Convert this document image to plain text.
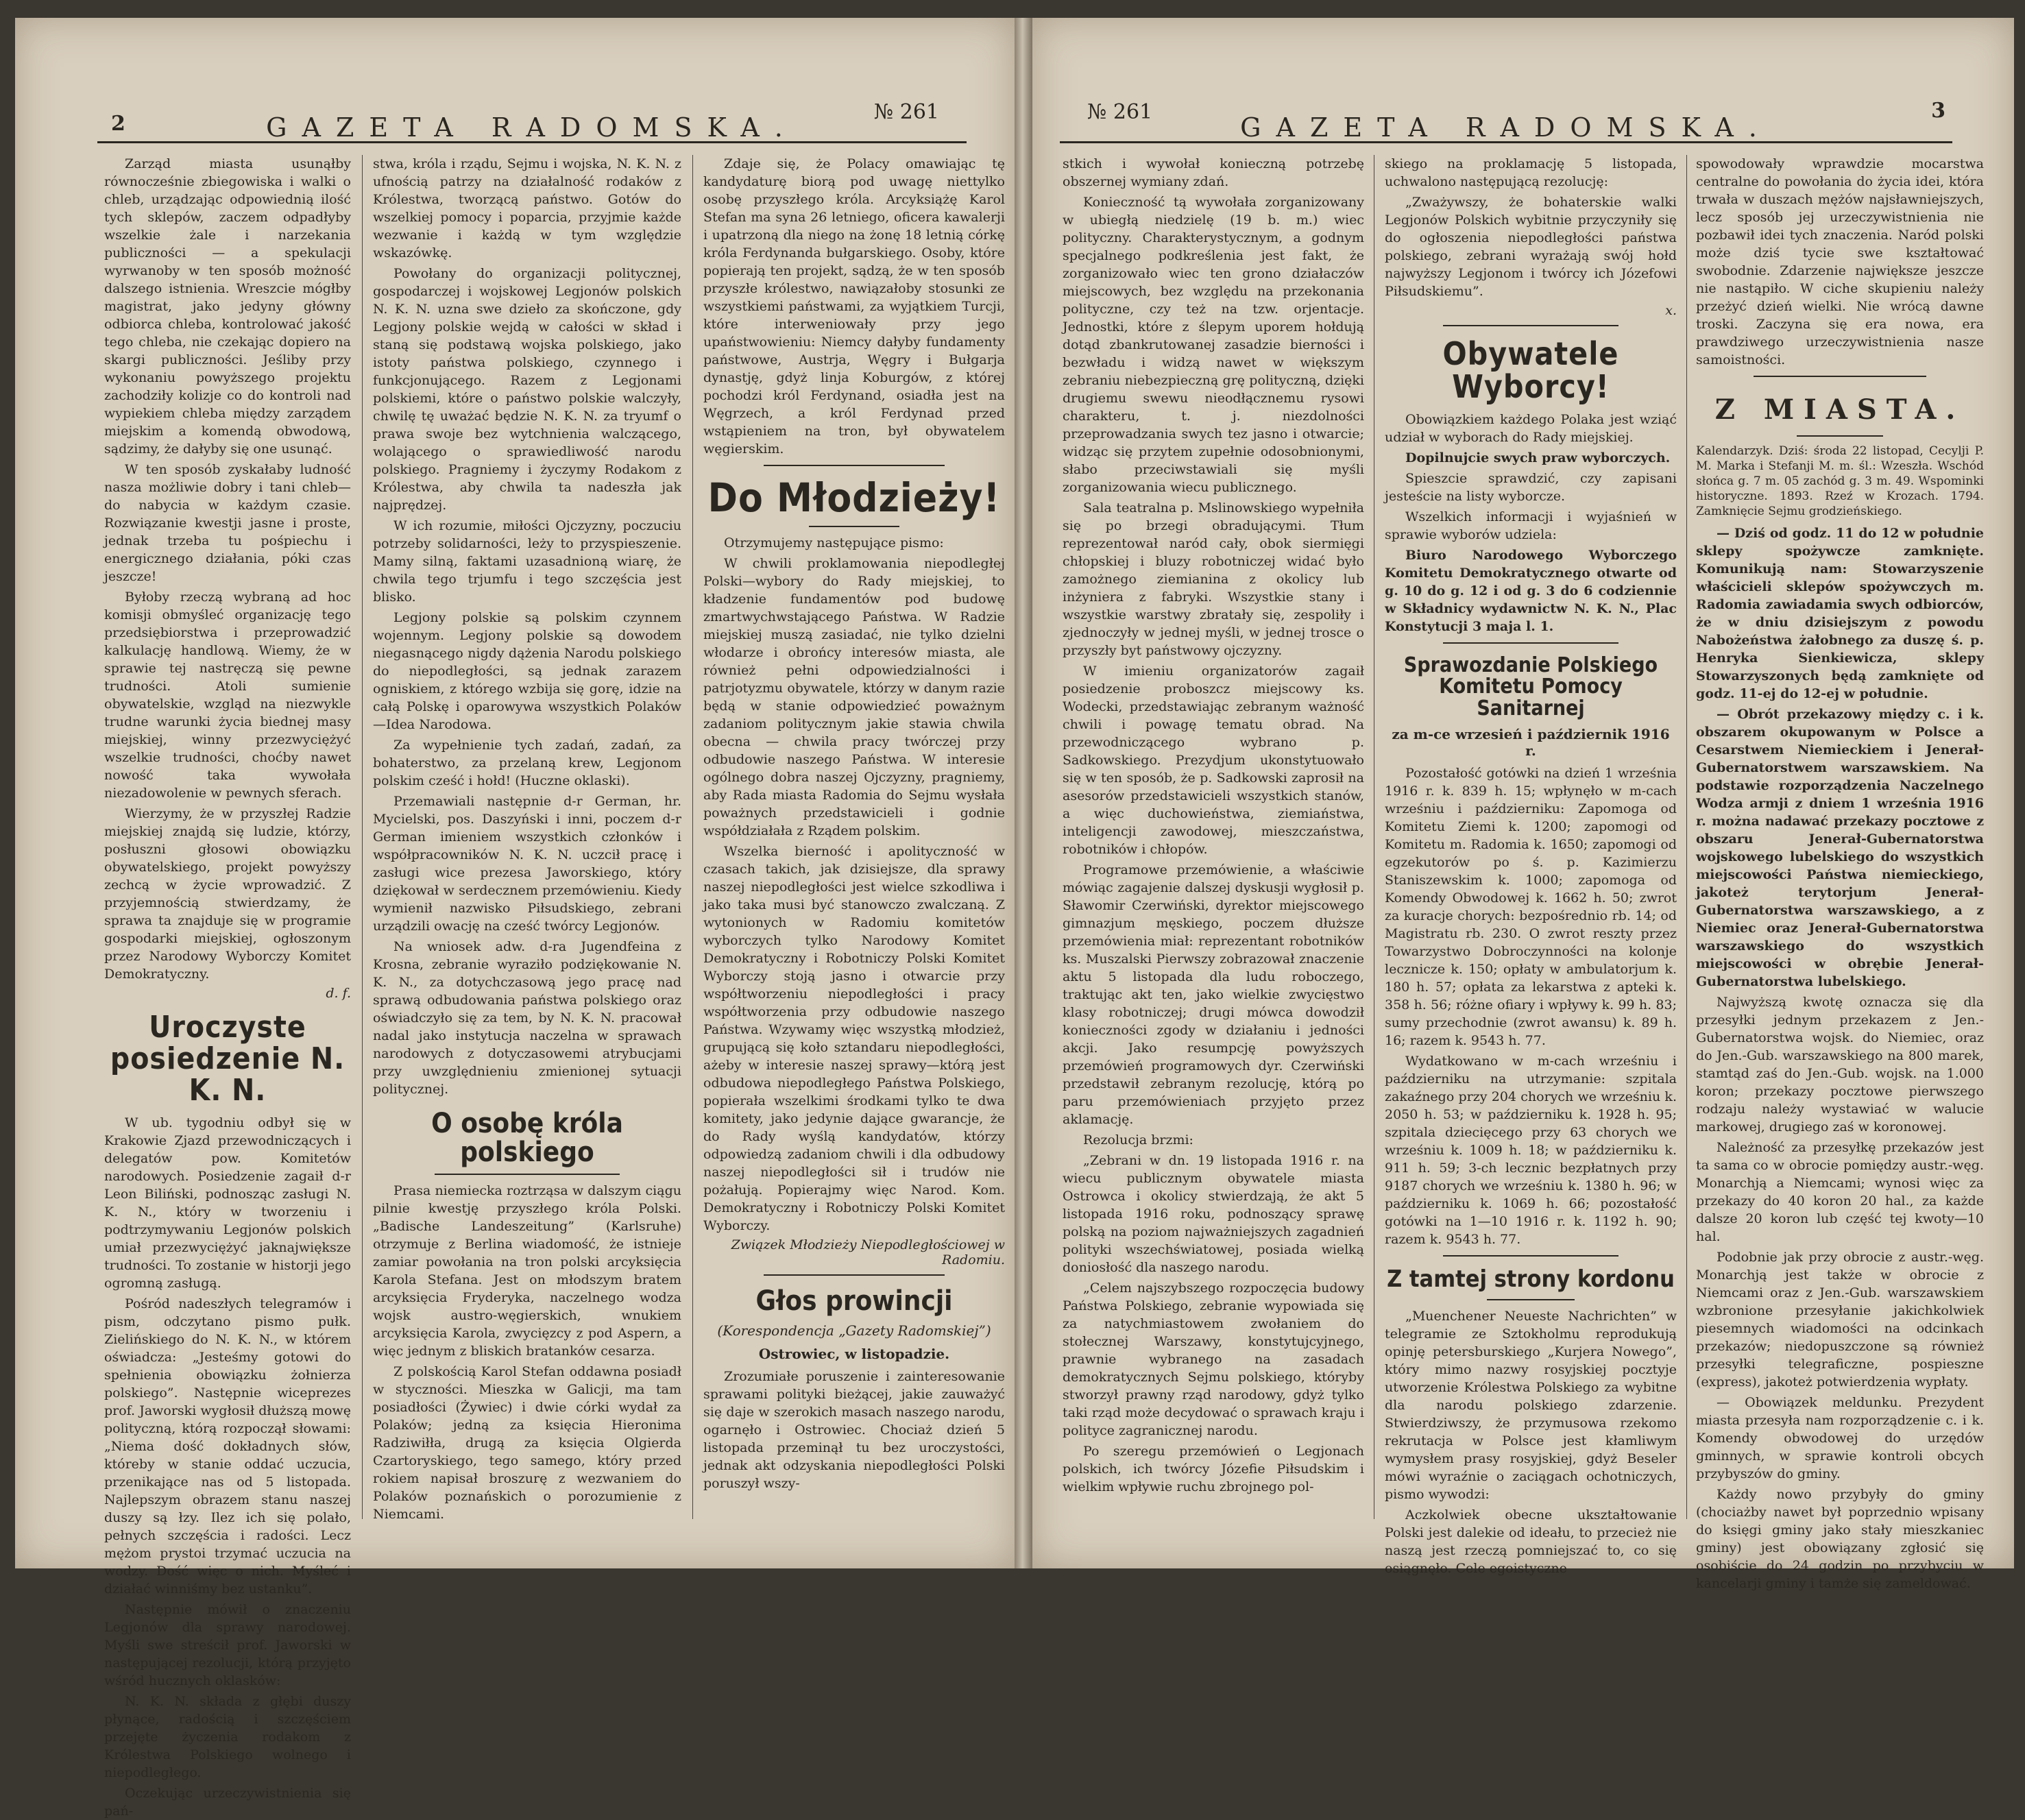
2	GAZETA RADOMSKA.
№ 261

Zarząd miasta usunąłby równocześnie zbiegowiska i walki o chleb, urządzając odpowiednią ilość tych sklepów, zaczem odpadłyby wszelkie żale i narzekania publiczności — a spekulacji wyrwanoby w ten sposób możność dalszego istnienia. Wreszcie mógłby magistrat, jako jedyny główny odbiorca chleba, kontrolować jakość tego chleba, nie czekając dopiero na skargi publiczności. Jeśliby przy wykonaniu powyższego projektu zachodziły kolizje co do kontroli nad wypiekiem chleba między zarządem miejskim a komendą obwodową, sądzimy, że dałyby się one usunąć.

W ten sposób zyskałaby ludność nasza możliwie dobry i tani chleb—do nabycia w każdym czasie. Rozwiązanie kwestji jasne i proste, jednak trzeba tu pośpiechu i energicznego działania, póki czas jeszcze!

Byłoby rzeczą wybraną ad hoc komisji obmyśleć organizację tego przedsiębiorstwa i przeprowadzić kalkulację handlową. Wiemy, że w sprawie tej nastręczą się pewne trudności. Atoli sumienie obywatelskie, wzgląd na niezwykle trudne warunki życia biednej masy miejskiej, winny przezwyciężyć wszelkie trudności, choćby nawet nowość taka wywołała niezadowolenie w pewnych sferach.

Wierzymy, że w przyszłej Radzie miejskiej znajdą się ludzie, którzy, posłuszni głosowi obowiązku obywatelskiego, projekt powyższy zechcą w życie wprowadzić. Z przyjemnością stwierdzamy, że sprawa ta znajduje się w programie gospodarki miejskiej, ogłoszonym przez Narodowy Wyborczy Komitet Demokratyczny.

d. f.
Uroczyste posiedzenie N. K. N.

W ub. tygodniu odbył się w Krakowie Zjazd przewodniczących i delegatów pow. Komitetów narodowych. Posiedzenie zagaił d-r Leon Biliński, podnosząc zasługi N. K. N., który w tworzeniu i podtrzymywaniu Legjonów polskich umiał przezwyciężyć jaknajwiększe trudności. To zostanie w historji jego ogromną zasługą.

Pośród nadeszłych telegramów i pism, odczytano pismo pułk. Zielińskiego do N. K. N., w którem oświadcza: „Jesteśmy gotowi do spełnienia obowiązku żołnierza polskiego”. Następnie wiceprezes prof. Jaworski wygłosił dłuższą mowę polityczną, którą rozpoczął słowami: „Niema dość dokładnych słów, któreby w stanie oddać uczucia, przenikające nas od 5 listopada. Najlepszym obrazem stanu naszej duszy są łzy. Ilez ich się polało, pełnych szczęścia i radości. Lecz mężom prystoi trzymać uczucia na wodzy. Dość więc o nich. Myśleć i działać winniśmy bez ustanku”.

Następnie mówił o znaczeniu Legjonów dla sprawy narodowej. Myśli swe streścił prof. Jaworski w następującej rezolucji, którą przyjęto wśród hucznych oklasków:

N. K. N. składa z głębi duszy płynące, radością i szczęściem przejęte życzenia rodakom z Królestwa Polskiego wolnego i niepodległego.

Oczekując urzeczywistnienia się pań-

stwa, króla i rządu, Sejmu i wojska, N. K. N. z ufnością patrzy na działalność rodaków z Królestwa, tworzącą państwo. Gotów do wszelkiej pomocy i poparcia, przyjmie każde wezwanie i każdą w tym względzie wskazówkę.

Powołany do organizacji politycznej, gospodarczej i wojskowej Legjonów polskich N. K. N. uzna swe dzieło za skończone, gdy Legjony polskie wejdą w całości w skład i staną się podstawą wojska polskiego, jako istoty państwa polskiego, czynnego i funkcjonującego. Razem z Legjonami polskiemi, które o państwo polskie walczyły, chwilę tę uważać będzie N. K. N. za tryumf o prawa swoje bez wytchnienia walczącego, wolającego o sprawiedliwość narodu polskiego. Pragniemy i życzymy Rodakom z Królestwa, aby chwila ta nadeszła jak najprędzej.

W ich rozumie, miłości Ojczyzny, poczuciu potrzeby solidarności, leży to przyspieszenie. Mamy silną, faktami uzasadnioną wiarę, że chwila tego trjumfu i tego szczęścia jest blisko.

Legjony polskie są polskim czynnem wojennym. Legjony polskie są dowodem niegasnącego nigdy dążenia Narodu polskiego do niepodległości, są jednak zarazem ogniskiem, z którego wzbija się gorę, idzie na całą Polskę i oparowywa wszystkich Polaków—Idea Narodowa.

Za wypełnienie tych zadań, zadań, za bohaterstwo, za przelaną krew, Legjonom polskim cześć i hołd! (Huczne oklaski).

Przemawiali następnie d-r German, hr. Mycielski, pos. Daszyński i inni, poczem d-r German imieniem wszystkich członków i współpracowników N. K. N. uczcił pracę i zasługi wice prezesa Jaworskiego, który dziękował w serdecznem przemówieniu. Kiedy wymienił nazwisko Piłsudskiego, zebrani urządzili owację na cześć twórcy Legjonów.

Na wniosek adw. d-ra Jugendfeina z Krosna, zebranie wyraziło podziękowanie N. K. N., za dotychczasową jego pracę nad sprawą odbudowania państwa polskiego oraz oświadczyło się za tem, by N. K. N. pracował nadal jako instytucja naczelna w sprawach narodowych z dotyczasowemi atrybucjami przy uwzględnieniu zmienionej sytuacji politycznej.

O osobę króla polskiego

Prasa niemiecka roztrząsa w dalszym ciągu pilnie kwestję przyszłego króla Polski. „Badische Landeszeitung” (Karlsruhe) otrzymuje z Berlina wiadomość, że istnieje zamiar powołania na tron polski arcyksięcia Karola Stefana. Jest on młodszym bratem arcyksięcia Fryderyka, naczelnego wodza wojsk austro-węgierskich, wnukiem arcyksięcia Karola, zwycięzcy z pod Aspern, a więc jednym z bliskich bratanków cesarza.

Z polskością Karol Stefan oddawna posiadł w styczności. Mieszka w Galicji, ma tam posiadłości (Żywiec) i dwie córki wydał za Polaków; jedną za księcia Hieronima Radziwiłła, drugą za księcia Olgierda Czartoryskiego, tego samego, który przed rokiem napisał broszurę z wezwaniem do Polaków poznańskich o porozumienie z Niemcami.

Zdaje się, że Polacy omawiając tę kandydaturę biorą pod uwagę niettylko osobę przyszłego króla. Arcyksiążę Karol Stefan ma syna 26 letniego, oficera kawalerji i upatrzoną dla niego na żonę 18 letnią córkę króla Ferdynanda bułgarskiego. Osoby, które popierają ten projekt, sądzą, że w ten sposób przyszłe królestwo, nawiązałoby stosunki ze wszystkiemi państwami, za wyjątkiem Turcji, które interweniowały przy jego upaństwowieniu: Niemcy dałyby fundamenty państwowe, Austrja, Węgry i Bułgarja dynastję, gdyż linja Koburgów, z której pochodzi król Ferdynand, osiadła jest na Węgrzech, a król Ferdynad przed wstąpieniem na tron, był obywatelem węgierskim.

Do Młodzieży!

Otrzymujemy następujące pismo:

W chwili proklamowania niepodległej Polski—wybory do Rady miejskiej, to kładzenie fundamentów pod budowę zmartwychwstającego Państwa. W Radzie miejskiej muszą zasiadać, nie tylko dzielni włodarze i obrońcy interesów miasta, ale również pełni odpowiedzialności i patrjotyzmu obywatele, którzy w danym razie będą w stanie odpowiedzieć poważnym zadaniom politycznym jakie stawia chwila obecna — chwila pracy twórczej przy odbudowie naszego Państwa. W interesie ogólnego dobra naszej Ojczyzny, pragniemy, aby Rada miasta Radomia do Sejmu wysłała poważnych przedstawicieli i godnie współdziałała z Rządem polskim.

Wszelka bierność i apolityczność w czasach takich, jak dzisiejsze, dla sprawy naszej niepodległości jest wielce szkodliwa i jako taka musi być stanowczo zwalczaną. Z wytonionych w Radomiu komitetów wyborczych tylko Narodowy Komitet Demokratyczny i Robotniczy Polski Komitet Wyborczy stoją jasno i otwarcie przy współtworzeniu niepodległości i pracy współtworzenia przy odbudowie naszego Państwa. Wzywamy więc wszystką młodzież, grupującą się koło sztandaru niepodległości, ażeby w interesie naszej sprawy—którą jest odbudowa niepodległego Państwa Polskiego, popierała wszelkimi środkami tylko te dwa komitety, jako jedynie dające gwarancje, że do Rady wyślą kandydatów, którzy odpowiedzą zadaniom chwili i dla odbudowy naszej niepodległości sił i trudów nie pożałują. Popierajmy więc Narod. Kom. Demokratyczny i Robotniczy Polski Komitet Wyborczy.

Związek Młodzieży Niepodległościowej w Radomiu.
Głos prowincji
(Korespondencja „Gazety Radomskiej”)
Ostrowiec, w listopadzie.

Zrozumiałe poruszenie i zainteresowanie sprawami polityki bieżącej, jakie zauważyć się daje w szerokich masach naszego narodu, ogarnęło i Ostrowiec. Chociaż dzień 5 listopada przeminął tu bez uroczystości, jednak akt odzyskania niepodległości Polski poruszył wszy-

№ 261
GAZETA RADOMSKA.
3

stkich i wywołał konieczną potrzebę obszernej wymiany zdań.

Konieczność tą wywołała zorganizowany w ubiegłą niedzielę (19 b. m.) wiec polityczny. Charakterystycznym, a godnym specjalnego podkreślenia jest fakt, że zorganizowało wiec ten grono działaczów miejscowych, bez względu na przekonania polityczne, czy też na tzw. orjentacje. Jednostki, które z ślepym uporem hołdują dotąd zbankrutowanej zasadzie bierności i bezwładu i widzą nawet w większym zebraniu niebezpieczną grę polityczną, dzięki drugiemu swewu nieodłącznemu rysowi charakteru, t. j. niezdolności przeprowadzania swych tez jasno i otwarcie; widząc się przytem zupełnie odosobnionymi, słabo przeciwstawiali się myśli zorganizowania wiecu publicznego.

Sala teatralna p. Mslinowskiego wypełniła się po brzegi obradującymi. Tłum reprezentował naród cały, obok siermięgi chłopskiej i bluzy robotniczej widać było zamożnego ziemianina z okolicy lub inżyniera z fabryki. Wszystkie stany i wszystkie warstwy zbratały się, zespoliły i zjednoczyły w jednej myśli, w jednej trosce o przyszły byt państwowy ojczyzny.

W imieniu organizatorów zagaił posiedzenie proboszcz miejscowy ks. Wodecki, przedstawiając zebranym ważność chwili i powagę tematu obrad. Na przewodniczącego wybrano p. Sadkowskiego. Prezydjum ukonstytuowało się w ten sposób, że p. Sadkowski zaprosił na asesorów przedstawicieli wszystkich stanów, a więc duchowieństwa, ziemiaństwa, inteligencji zawodowej, mieszczaństwa, robotników i chłopów.

Programowe przemówienie, a właściwie mówiąc zagajenie dalszej dyskusji wygłosił p. Sławomir Czerwiński, dyrektor miejscowego gimnazjum męskiego, poczem dłuższe przemówienia miał: reprezentant robotników ks. Muszalski Pierwszy zobrazował znaczenie aktu 5 listopada dla ludu roboczego, traktując akt ten, jako wielkie zwycięstwo klasy robotniczej; drugi mówca dowodził konieczności zgody w działaniu i jedności akcji. Jako resumpcję powyższych przemówień programowych dyr. Czerwiński przedstawił zebranym rezolucję, którą po paru przemówieniach przyjęto przez aklamację.

Rezolucja brzmi:

„Zebrani w dn. 19 listopada 1916 r. na wiecu publicznym obywatele miasta Ostrowca i okolicy stwierdzają, że akt 5 listopada 1916 roku, podnoszący sprawę polską na poziom najważniejszych zagadnień polityki wszechświatowej, posiada wielką doniosłość dla naszego narodu.

„Celem najszybszego rozpoczęcia budowy Państwa Polskiego, zebranie wypowiada się za natychmiastowem zwołaniem do stołecznej Warszawy, konstytujcyjnego, prawnie wybranego na zasadach demokratycznych Sejmu polskiego, któryby stworzył prawny rząd narodowy, gdyż tylko taki rząd może decydować o sprawach kraju i polityce zagranicznej narodu.

Po szeregu przemówień o Legjonach polskich, ich twórcy Józefie Piłsudskim i wielkim wpływie ruchu zbrojnego pol-

skiego na proklamację 5 listopada, uchwalono następującą rezolucję:

„Zważywszy, że bohaterskie walki Legjonów Polskich wybitnie przyczyniły się do ogłoszenia niepodległości państwa polskiego, zebrani wyrażają swój hołd najwyższy Legjonom i twórcy ich Józefowi Piłsudskiemu”.

x.
Obywatele Wyborcy!

Obowiązkiem każdego Polaka jest wziąć udział w wyborach do Rady miejskiej.

Dopilnujcie swych praw wyborczych.

Spieszcie sprawdzić, czy zapisani jesteście na listy wyborcze.

Wszelkich informacji i wyjaśnień w sprawie wyborów udziela:

Biuro Narodowego Wyborczego Komitetu Demokratycznego otwarte od g. 10 do g. 12 i od g. 3 do 6 codziennie w Składnicy wydawnictw N. K. N., Plac Konstytucji 3 maja l. 1.

Sprawozdanie Polskiego Komitetu Pomocy Sanitarnej
za m-ce wrzesień i październik 1916 r.

Pozostałość gotówki na dzień 1 września 1916 r. k. 839 h. 15; wpłynęło w m-cach wrześniu i październiku: Zapomoga od Komitetu Ziemi k. 1200; zapomogi od Komitetu m. Radomia k. 1650; zapomogi od egzekutorów po ś. p. Kazimierzu Staniszewskim k. 1000; zapomoga od Komendy Obwodowej k. 1662 h. 50; zwrot za kuracje chorych: bezpośrednio rb. 14; od Magistratu rb. 230. O zwrot reszty przez Towarzystwo Dobroczynności na kolonje leczniczе k. 150; opłaty w ambulatorjum k. 180 h. 57; opłata za lekarstwa z apteki k. 358 h. 56; różne ofiary i wpływy k. 99 h. 83; sumy przechodnie (zwrot awansu) k. 89 h. 16; razem k. 9543 h. 77.

Wydatkowano w m-cach wrześniu i październiku na utrzymanie: szpitala zakaźnego przy 204 chorych we wrześniu k. 2050 h. 53; w październiku k. 1928 h. 95; szpitala dziecięcego przy 63 chorych we wrześniu k. 1009 h. 18; w październiku k. 911 h. 59; 3-ch lecznic bezpłatnych przy 9187 chorych we wrześniu k. 1380 h. 96; w październiku k. 1069 h. 66; pozostałość gotówki na 1—10 1916 r. k. 1192 h. 90; razem k. 9543 h. 77.

Z tamtej strony kordonu

„Muenchener Neueste Nachrichten” w telegramie ze Sztokholmu reprodukują opinję petersburskiego „Kurjera Nowego”, który mimo nazwy rosyjskiej pocztyje utworzenie Królestwa Polskiego za wybitne dla narodu polskiego zdarzenie. Stwierdziwszy, że przymusowa rzekomo rekrutacja w Polsce jest kłamliwym wymysłem prasy rosyjskiej, gdyż Beseler mówi wyraźnie o zaciągach ochotniczych, pismo wywodzi:

Aczkolwiek obecne ukształtowanie Polski jest dalekie od ideału, to przecież nie naszą jest rzeczą pomniejszać to, co się osiągnęło. Cele egoistyczne

spowodowały wprawdzie mocarstwa centralne do powołania do życia idei, która trwała w duszach mężów najsławniejszych, lecz sposób jej urzeczywistnienia nie pozbawił idei tych znaczenia. Naród polski może dziś tycie swe kształtować swobodnie. Zdarzenie największe jeszcze nie nastąpiło. W ciche skupieniu należy przeżyć dzień wielki. Nie wrócą dawne troski. Zaczyna się era nowa, era prawdziwego urzeczywistnienia nasze samoistności.

Z MIASTA.
Kalendarzyk. Dziś: środa 22 listopad, Cecylji P. M. Marka i Stefanji M. m. śl.: Wzeszła. Wschód słońca g. 7 m. 05 zachód g. 3 m. 49. Wspominki historyczne. 1893. Rzeź w Krozach. 1794. Zamknięcie Sejmu grodzieńskiego.

— Dziś od godz. 11 do 12 w południe sklepy spożywcze zamknięte. Komunikują nam: Stowarzyszenie właścicieli sklepów spożywczych m. Radomia zawiadamia swych odbiorców, że w dniu dzisiejszym z powodu Nabożeństwa żałobnego za duszę ś. p. Henryka Sienkiewicza, sklepy Stowarzyszonych będą zamknięte od godz. 11-ej do 12-ej w południe.

— Obrót przekazowy między c. i k. obszarem okupowanym w Polsce a Cesarstwem Niemieckiem i Jenerał-Gubernatorstwem warszawskiem. Na podstawie rozporządzenia Naczelnego Wodza armji z dniem 1 września 1916 r. można nadawać przekazy pocztowe z obszaru Jenerał-Gubernatorstwa wojskowego lubelskiego do wszystkich miejscowości Państwa niemieckiego, jakoteż terytorjum Jenerał-Gubernatorstwa warszawskiego, a z Niemiec oraz Jenerał-Gubernatorstwa warszawskiego do wszystkich miejscowości w obrębie Jenerał-Gubernatorstwa lubelskiego.

Najwyższą kwotę oznacza się dla przesyłki jednym przekazem z Jen.-Gubernatorstwa wojsk. do Niemiec, oraz do Jen.-Gub. warszawskiego na 800 marek, stamtąd zaś do Jen.-Gub. wojsk. na 1.000 koron; przekazy pocztowe pierwszego rodzaju należy wystawiać w walucie markowej, drugiego zaś w koronowej.

Należność za przesyłkę przekazów jest ta sama co w obrocie pomiędzy austr.-węg. Monarchją a Niemcami; wynosi więc za przekazy do 40 koron 20 hal., za każde dalsze 20 koron lub część tej kwoty—10 hal.

Podobnie jak przy obrocie z austr.-węg. Monarchją jest także w obrocie z Niemcami oraz z Jen.-Gub. warszawskiem wzbronione przesyłanie jakichkolwiek piesemnych wiadomości na odcinkach przekazów; niedopuszczone są również przesyłki telegraficzne, pospieszne (express), jakoteż potwierdzenia wypłaty.

— Obowiązek meldunku. Prezydent miasta przesyła nam rozporządzenie c. i k. Komendy obwodowej do urzędów gminnych, w sprawie kontroli obcych przybyszów do gminy.

Każdy nowo przybyły do gminy (chociażby nawet był poprzednio wpisany do księgi gminy jako stały mieszkaniec gminy) jest obowiązany zgłosić się osobiście do 24 godzin po przybyciu w kancelarji gminy i tamże się zameldować.
